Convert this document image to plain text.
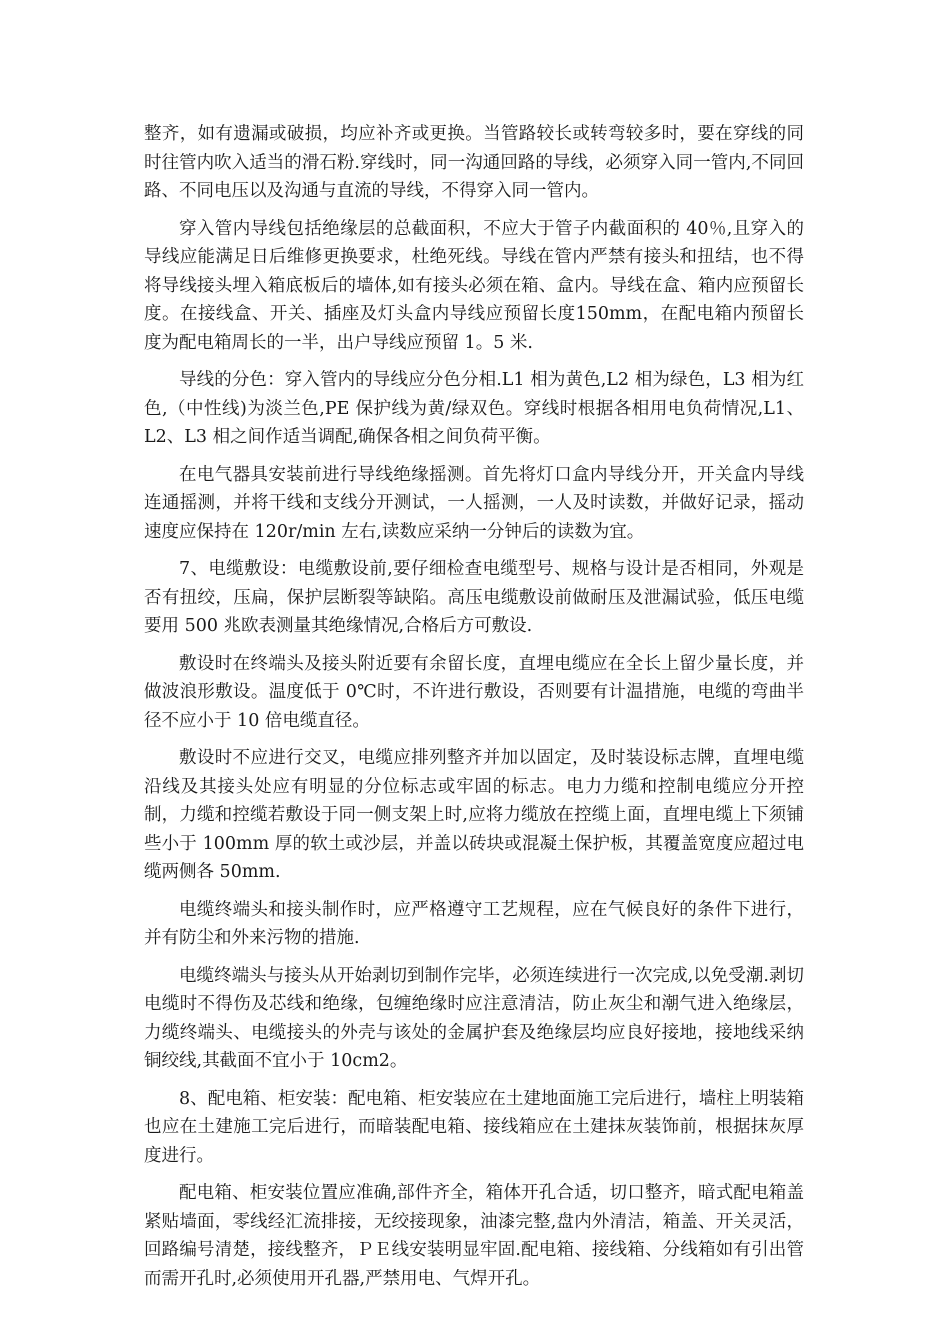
整齐，如有遗漏或破损，均应补齐或更换。当管路较长或转弯较多时，要在穿线的同时往管内吹入适当的滑石粉.穿线时，同一沟通回路的导线，必须穿入同一管内,不同回路、不同电压以及沟通与直流的导线，不得穿入同一管内。

穿入管内导线包括绝缘层的总截面积，不应大于管子内截面积的 40％,且穿入的导线应能满足日后维修更换要求，杜绝死线。导线在管内严禁有接头和扭结，也不得将导线接头埋入箱底板后的墙体,如有接头必须在箱、盒内。导线在盒、箱内应预留长度。在接线盒、开关、插座及灯头盒内导线应预留长度150mm，在配电箱内预留长度为配电箱周长的一半，出户导线应预留 1。5 米.

导线的分色：穿入管内的导线应分色分相.L1 相为黄色,L2 相为绿色，L3 相为红色,（中性线)为淡兰色,PE 保护线为黄/绿双色。穿线时根据各相用电负荷情况,L1、L2、L3 相之间作适当调配,确保各相之间负荷平衡。

在电气器具安装前进行导线绝缘摇测。首先将灯口盒内导线分开，开关盒内导线连通摇测，并将干线和支线分开测试，一人摇测，一人及时读数，并做好记录，摇动速度应保持在 120r/min 左右,读数应采纳一分钟后的读数为宜。

7、电缆敷设：电缆敷设前,要仔细检查电缆型号、规格与设计是否相同，外观是否有扭绞，压扁，保护层断裂等缺陷。高压电缆敷设前做耐压及泄漏试验，低压电缆要用 500 兆欧表测量其绝缘情况,合格后方可敷设.

敷设时在终端头及接头附近要有余留长度，直埋电缆应在全长上留少量长度，并做波浪形敷设。温度低于 0℃时，不许进行敷设，否则要有计温措施，电缆的弯曲半径不应小于 10 倍电缆直径。

敷设时不应进行交叉，电缆应排列整齐并加以固定，及时装设标志牌，直埋电缆沿线及其接头处应有明显的分位标志或牢固的标志。电力力缆和控制电缆应分开控制，力缆和控缆若敷设于同一侧支架上时,应将力缆放在控缆上面，直埋电缆上下须铺些小于 100mm 厚的软土或沙层，并盖以砖块或混凝土保护板，其覆盖宽度应超过电缆两侧各 50mm.

电缆终端头和接头制作时，应严格遵守工艺规程，应在气候良好的条件下进行，并有防尘和外来污物的措施.

电缆终端头与接头从开始剥切到制作完毕，必须连续进行一次完成,以免受潮.剥切电缆时不得伤及芯线和绝缘，包缠绝缘时应注意清洁，防止灰尘和潮气进入绝缘层，力缆终端头、电缆接头的外壳与该处的金属护套及绝缘层均应良好接地，接地线采纳铜绞线,其截面不宜小于 10cm2。

8、配电箱、柜安装：配电箱、柜安装应在土建地面施工完后进行，墙柱上明装箱也应在土建施工完后进行，而暗装配电箱、接线箱应在土建抹灰装饰前，根据抹灰厚度进行。

配电箱、柜安装位置应准确,部件齐全，箱体开孔合适，切口整齐，暗式配电箱盖紧贴墙面，零线经汇流排接，无绞接现象，油漆完整,盘内外清洁，箱盖、开关灵活，回路编号清楚，接线整齐，ＰＥ线安装明显牢固.配电箱、接线箱、分线箱如有引出管而需开孔时,必须使用开孔器,严禁用电、气焊开孔。
